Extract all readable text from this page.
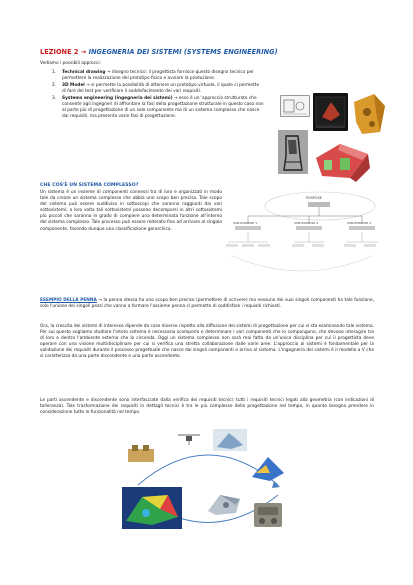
LEZIONE 2 → INGEGNERIA DEI SISTEMI (SYSTEMS ENGINEERING)
Vediamo i possibili approcci:
1. Technical drawing → disegno tecnico: il progettista fornisce questo disegno tecnico per permettere la realizzazione del prototipo fisico e avviare la produzione.
2. 3D Model → si permette la possibilità di ottenere un prototipo virtuale, il quale ci permette di fare dei test per verificare il soddisfacimento dei vari requisiti.
3. Systems engineering (ingegneria dei sistemi) → esso è un' approccio strutturato che consente agli ingegneri di affrontare la fasi della progettazione strutturale in questo caso non al parte più di progettazione di un solo componente ma di un sistema complesso che nasce dai requisiti, ma presenta varie fasi di progettazione.
CHE COS'È UN SISTEMA COMPLESSO?
Un sistema è un insieme di componenti connessi tra di loro e organizzati in modo tale da creare un sistema complesso che abbia uno scopo ben preciso. Tale scopo del sistema può essere suddiviso in sottoscopi che saranno raggiunti dai vari sottosistemi; a loro volta tali sottosistemi possono decomporsi in altri sottosistemi più piccoli che saranno in grado di compiere una determinata funzione all'interno del sistema complesso. Tale processo può essere reiterato fino ad arrivare al singolo componente, facendo dunque una classificazione gerarchica.
PURPOSE
SUB-PURPOSE 1	SUB-PURPOSE 2	SUB-PURPOSE 3
ESEMPIO DELLA PENNA → la penna stessa ha uno scopo ben preciso (permettere di scrivere) ma nessuno dei suoi singoli componenti ha tale funzione, solo l'unione dei singoli pezzi che vanno a formare l'assieme penna ci permette di soddisfare i requisiti richiesti.
Ora, la crescita dei sistemi di interesse dipende da cose diverse rispetto alla diffusione dei sistemi di progettazione per cui si sta esaminando tale sistema. Per sui questo vogliamo studiare l'intero sistema è necessario scomporlo e determinare i vari componenti che lo compongono, che devono interagire tra di loro e dentro l'ambiente esterno che lo circonda. Oggi un sistema complesso non sarà mai fatto da un'unica disciplina per cui il progettista deve operare con una visione multidisciplinare per cui si verifica una stretta collaborazione dalle varie aree. L'approccio ai sistemi è fondamentale per la validazione dei requisiti durante il processo progettuale che nasce dai singoli componenti e arriva al sistema. L'ingegneria dei sistemi è il modello a V che si caratterizza da una parte discendente e una parte ascendente.
Le parti ascendente e discendente sono interfacciate dalla verifica dei requisiti tecnici: tutti i requisiti tecnici legati alla geometria (con indicazioni di tolleranza). Tale trasformazione dei requisiti in dettagli tecnici è tra le più complesse della progettazione nel tempo, in quanto bisogna prendere in considerazione tutte le funzionalità nel tempo.
